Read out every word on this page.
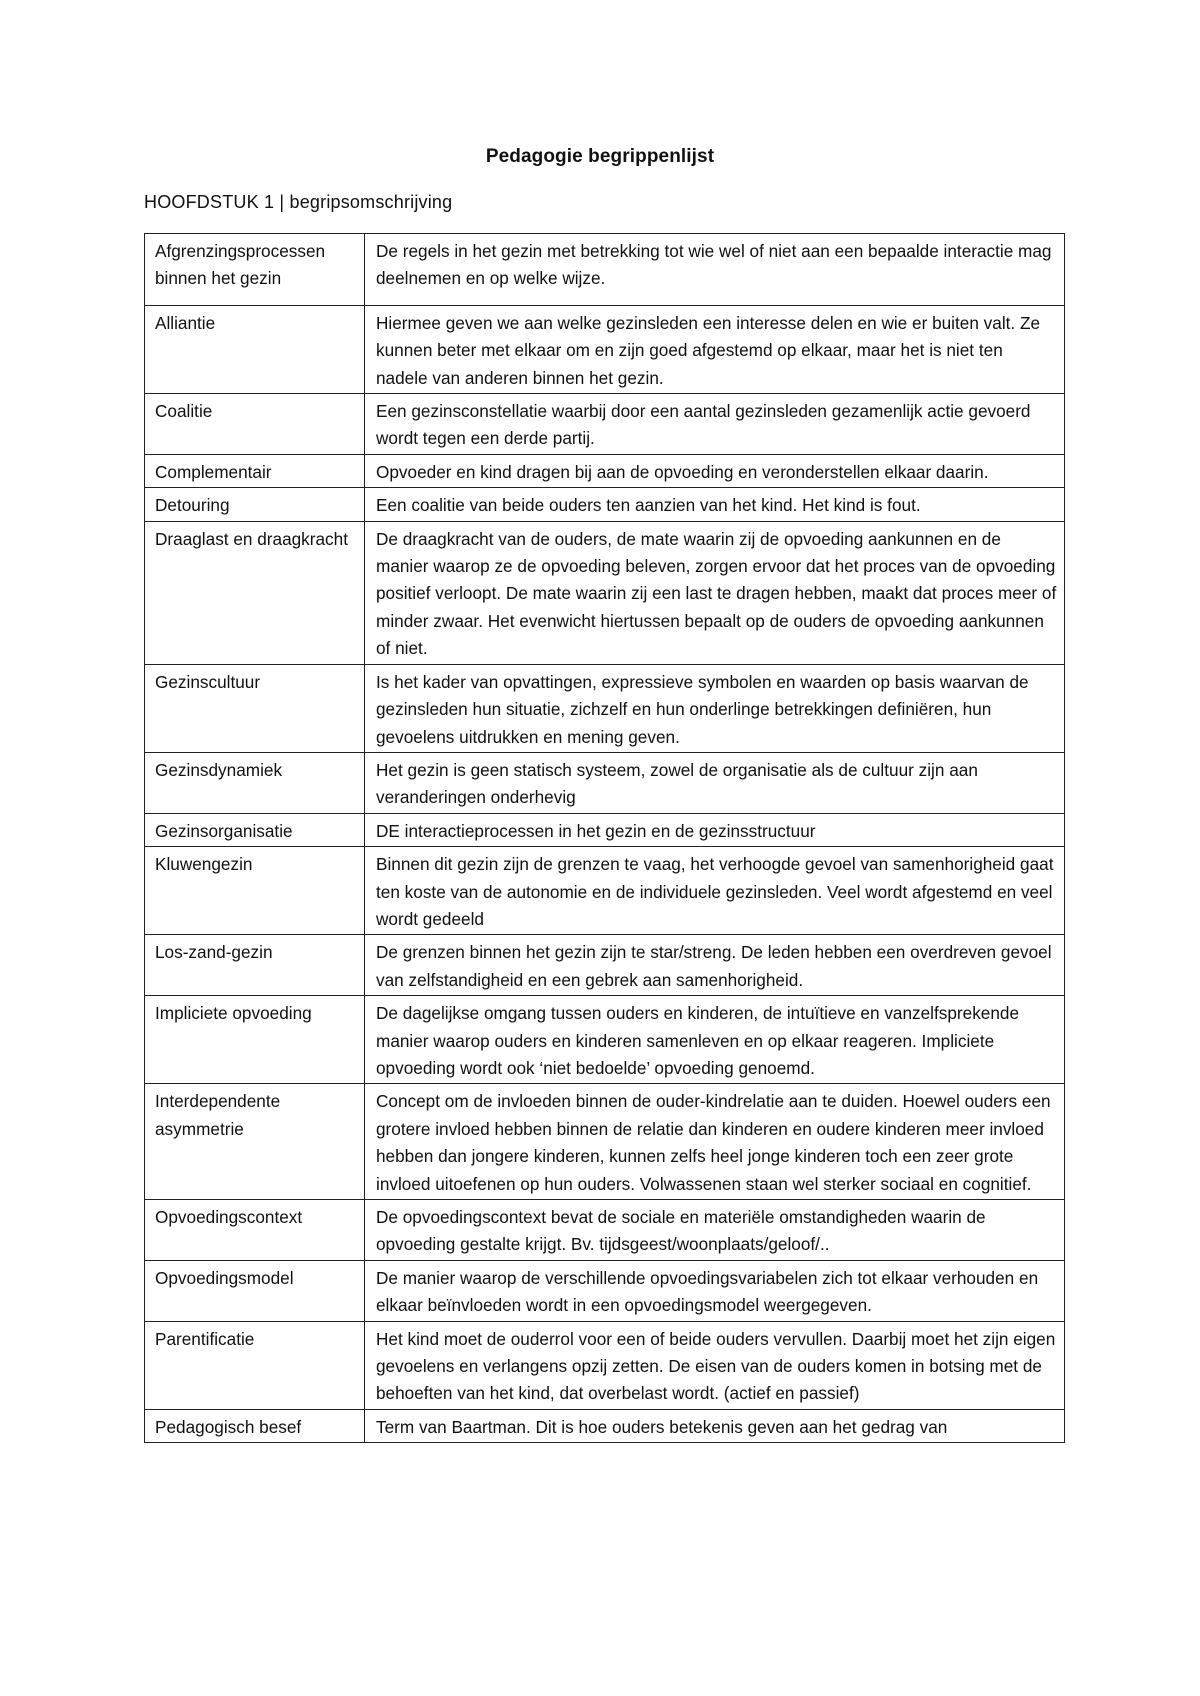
Pedagogie begrippenlijst
HOOFDSTUK 1 | begripsomschrijving
Afgrenzingsprocessen binnen het gezin	De regels in het gezin met betrekking tot wie wel of niet aan een bepaalde interactie mag deelnemen en op welke wijze.
Alliantie	Hiermee geven we aan welke gezinsleden een interesse delen en wie er buiten valt. Ze kunnen beter met elkaar om en zijn goed afgestemd op elkaar, maar het is niet ten nadele van anderen binnen het gezin.
Coalitie	Een gezinsconstellatie waarbij door een aantal gezinsleden gezamenlijk actie gevoerd wordt tegen een derde partij.
Complementair	Opvoeder en kind dragen bij aan de opvoeding en veronderstellen elkaar daarin.
Detouring	Een coalitie van beide ouders ten aanzien van het kind. Het kind is fout.
Draaglast en draagkracht	De draagkracht van de ouders, de mate waarin zij de opvoeding aankunnen en de manier waarop ze de opvoeding beleven, zorgen ervoor dat het proces van de opvoeding positief verloopt. De mate waarin zij een last te dragen hebben, maakt dat proces meer of minder zwaar. Het evenwicht hiertussen bepaalt op de ouders de opvoeding aankunnen of niet.
Gezinscultuur	Is het kader van opvattingen, expressieve symbolen en waarden op basis waarvan de gezinsleden hun situatie, zichzelf en hun onderlinge betrekkingen definiëren, hun gevoelens uitdrukken en mening geven.
Gezinsdynamiek	Het gezin is geen statisch systeem, zowel de organisatie als de cultuur zijn aan veranderingen onderhevig
Gezinsorganisatie	DE interactieprocessen in het gezin en de gezinsstructuur
Kluwengezin	Binnen dit gezin zijn de grenzen te vaag, het verhoogde gevoel van samenhorigheid gaat ten koste van de autonomie en de individuele gezinsleden. Veel wordt afgestemd en veel wordt gedeeld
Los-zand-gezin	De grenzen binnen het gezin zijn te star/streng. De leden hebben een overdreven gevoel van zelfstandigheid en een gebrek aan samenhorigheid.
Impliciete opvoeding	De dagelijkse omgang tussen ouders en kinderen, de intuïtieve en vanzelfsprekende manier waarop ouders en kinderen samenleven en op elkaar reageren. Impliciete opvoeding wordt ook ‘niet bedoelde’ opvoeding genoemd.
Interdependente asymmetrie	Concept om de invloeden binnen de ouder-kindrelatie aan te duiden. Hoewel ouders een grotere invloed hebben binnen de relatie dan kinderen en oudere kinderen meer invloed hebben dan jongere kinderen, kunnen zelfs heel jonge kinderen toch een zeer grote invloed uitoefenen op hun ouders. Volwassenen staan wel sterker sociaal en cognitief.
Opvoedingscontext	De opvoedingscontext bevat de sociale en materiële omstandigheden waarin de opvoeding gestalte krijgt. Bv. tijdsgeest/woonplaats/geloof/..
Opvoedingsmodel	De manier waarop de verschillende opvoedingsvariabelen zich tot elkaar verhouden en elkaar beïnvloeden wordt in een opvoedingsmodel weergegeven.
Parentificatie	Het kind moet de ouderrol voor een of beide ouders vervullen. Daarbij moet het zijn eigen gevoelens en verlangens opzij zetten. De eisen van de ouders komen in botsing met de behoeften van het kind, dat overbelast wordt. (actief en passief)
Pedagogisch besef	Term van Baartman. Dit is hoe ouders betekenis geven aan het gedrag van
